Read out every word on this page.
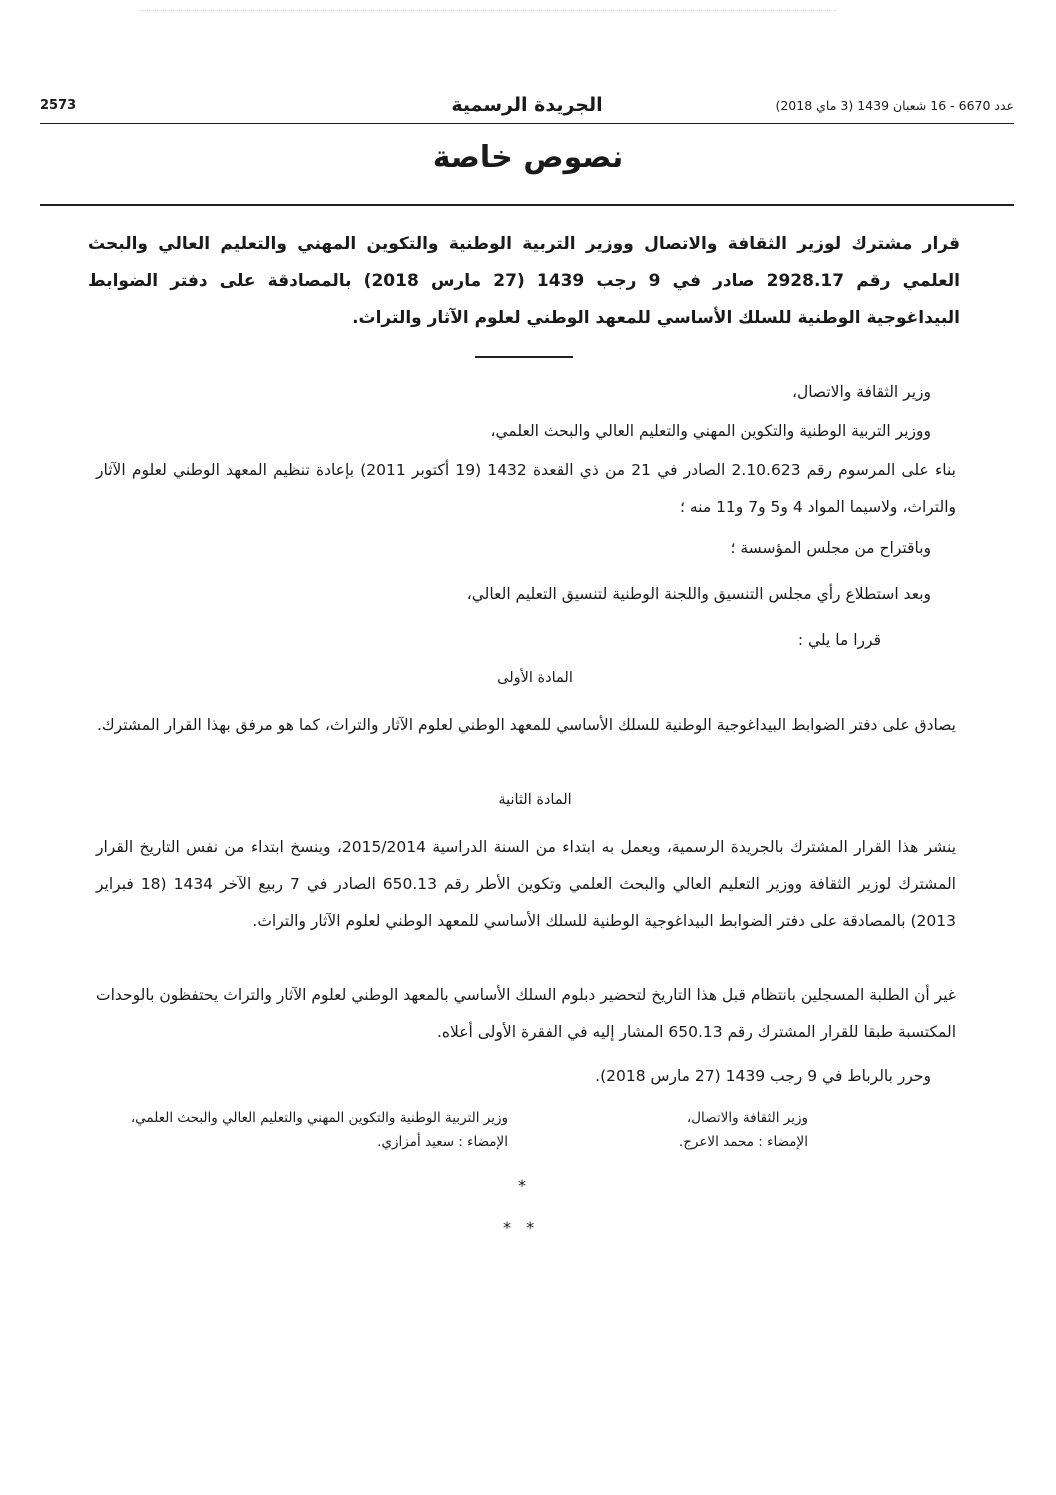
2573	الجريدة الرسمية	عدد 6670 - 16 شعبان 1439 (3 ماي 2018)
نصوص خاصة
قرار مشترك لوزير الثقافة والاتصال ووزير التربية الوطنية والتكوين المهني والتعليم العالي والبحث العلمي رقم 2928.17 صادر في 9 رجب 1439 (27 مارس 2018) بالمصادقة على دفتر الضوابط البيداغوجية الوطنية للسلك الأساسي للمعهد الوطني لعلوم الآثار والتراث.
وزير الثقافة والاتصال،
ووزير التربية الوطنية والتكوين المهني والتعليم العالي والبحث العلمي،
بناء على المرسوم رقم 2.10.623 الصادر في 21 من ذي القعدة 1432 (19 أكتوبر 2011) بإعادة تنظيم المعهد الوطني لعلوم الآثار والتراث، ولاسيما المواد 4 و5 و7 و11 منه ؛
وباقتراح من مجلس المؤسسة ؛
وبعد استطلاع رأي مجلس التنسيق واللجنة الوطنية لتنسيق التعليم العالي،
قررا ما يلي :
المادة الأولى
يصادق على دفتر الضوابط البيداغوجية الوطنية للسلك الأساسي للمعهد الوطني لعلوم الآثار والتراث، كما هو مرفق بهذا القرار المشترك.
المادة الثانية
ينشر هذا القرار المشترك بالجريدة الرسمية، ويعمل به ابتداء من السنة الدراسية 2015/2014، وينسخ ابتداء من نفس التاريخ القرار المشترك لوزير الثقافة ووزير التعليم العالي والبحث العلمي وتكوين الأطر رقم 650.13 الصادر في 7 ربيع الآخر 1434 (18 فبراير 2013) بالمصادقة على دفتر الضوابط البيداغوجية الوطنية للسلك الأساسي للمعهد الوطني لعلوم الآثار والتراث.
غير أن الطلبة المسجلين بانتظام قبل هذا التاريخ لتحضير دبلوم السلك الأساسي بالمعهد الوطني لعلوم الآثار والتراث يحتفظون بالوحدات المكتسبة طبقا للقرار المشترك رقم 650.13 المشار إليه في الفقرة الأولى أعلاه.
وحرر بالرباط في 9 رجب 1439 (27 مارس 2018).
وزير الثقافة والاتصال،
الإمضاء : محمد الاعرج.
وزير التربية الوطنية والتكوين المهني والتعليم العالي والبحث العلمي،
الإمضاء : سعيد أمزازي.
*
*   *
